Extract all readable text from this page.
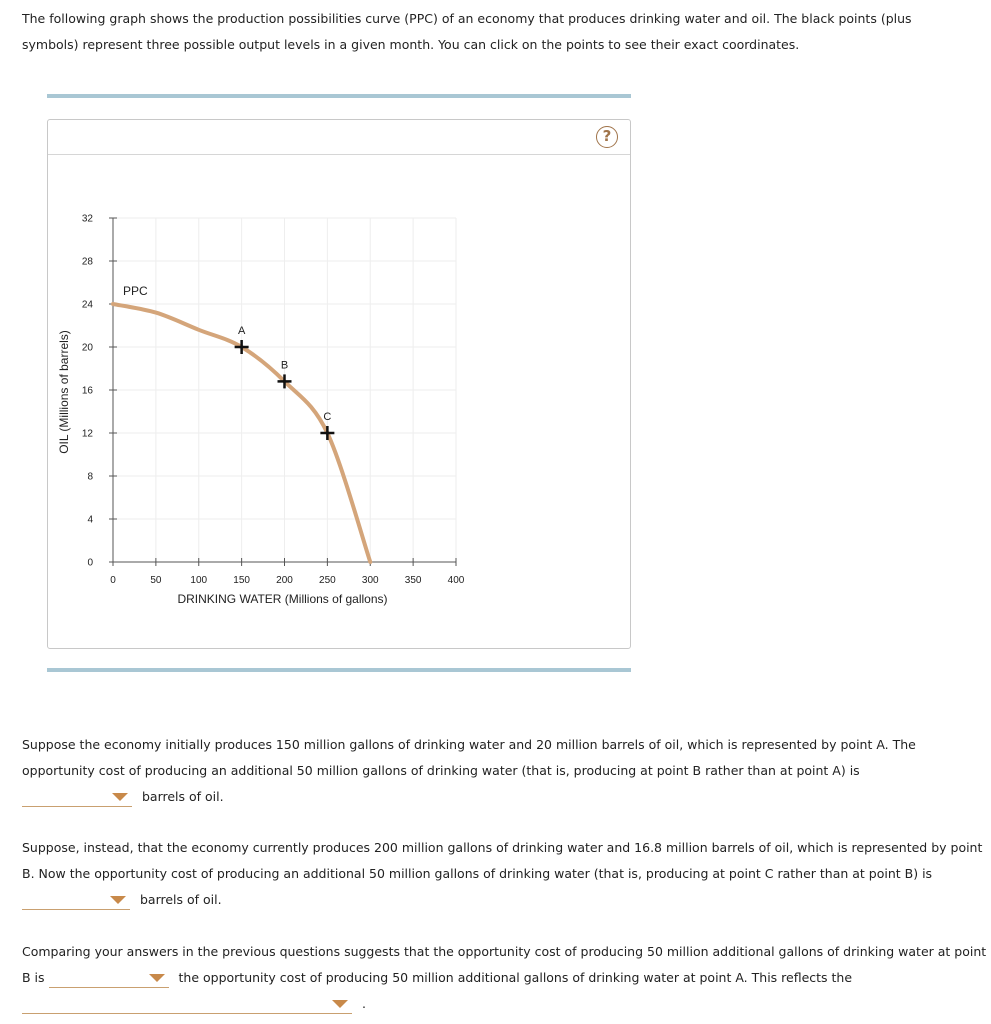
The following graph shows the production possibilities curve (PPC) of an economy that produces drinking water and oil. The black points (plus symbols) represent three possible output levels in a given month. You can click on the points to see their exact coordinates.
?
0	50	100	150	200	250	300	350	400
0
4
8
12
16
20
24
28
32
PPC
A
B
C
DRINKING WATER (Millions of gallons)
OIL (Millions of barrels)
Suppose the economy initially produces 150 million gallons of drinking water and 20 million barrels of oil, which is represented by point A. The opportunity cost of producing an additional 50 million gallons of drinking water (that is, producing at point B rather than at point A) is

barrels of oil.
Suppose, instead, that the economy currently produces 200 million gallons of drinking water and 16.8 million barrels of oil, which is represented by point B. Now the opportunity cost of producing an additional 50 million gallons of drinking water (that is, producing at point C rather than at point B) is
barrels of oil.
Comparing your answers in the previous questions suggests that the opportunity cost of producing 50 million additional gallons of drinking water at point B is	the opportunity cost of producing 50 million additional gallons of drinking water at point A. This reflects the

.
